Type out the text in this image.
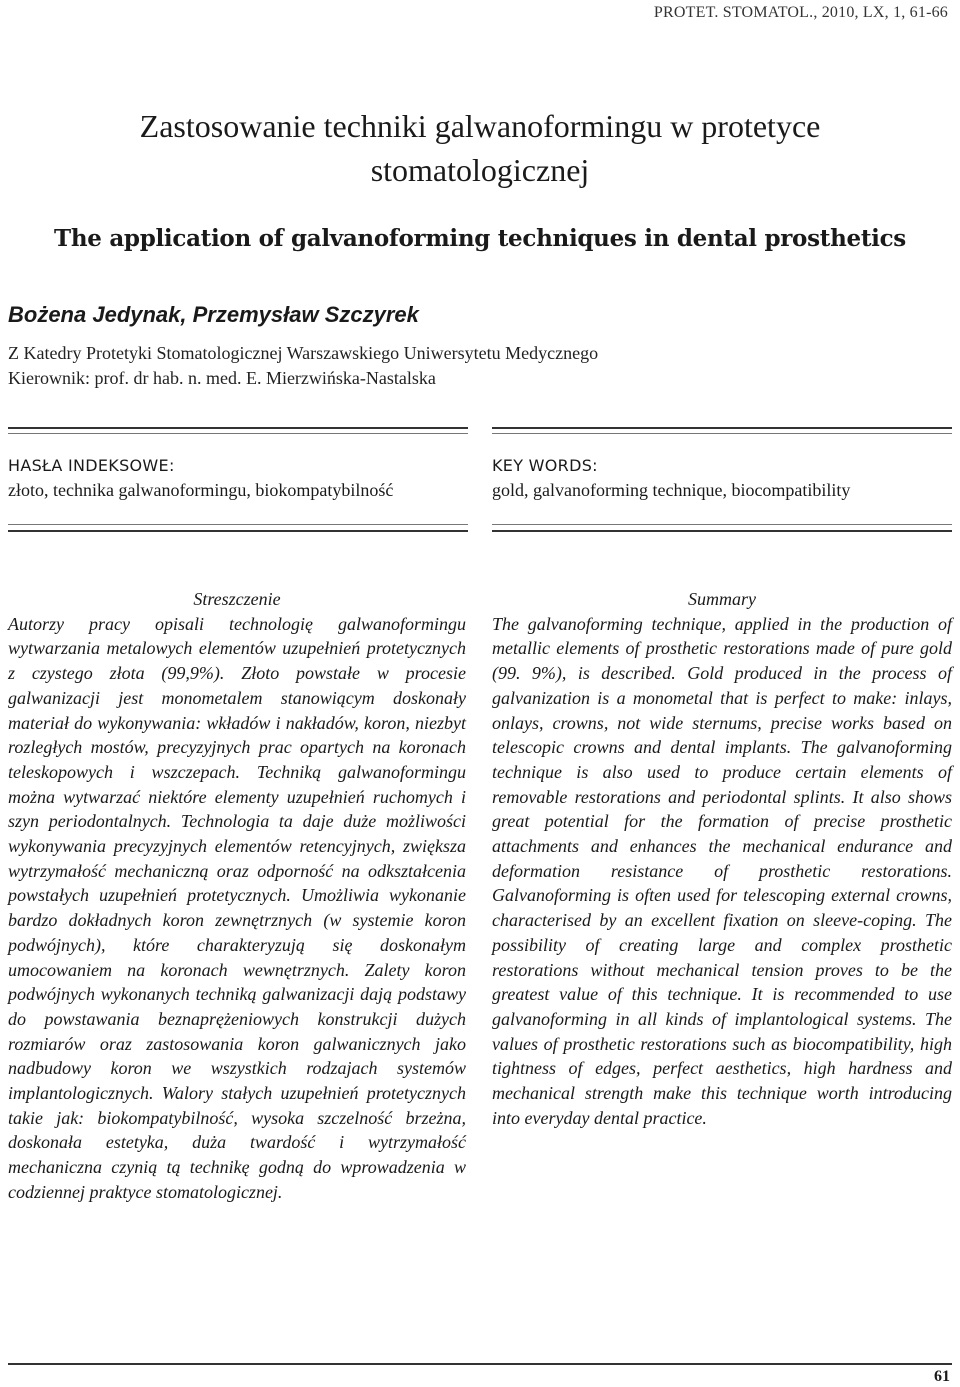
PROTET. STOMATOL., 2010, LX, 1, 61-66
Zastosowanie techniki galwanoformingu w protetyce stomatologicznej
The application of galvanoforming techniques in dental prosthetics
Bożena Jedynak, Przemysław Szczyrek
Z Katedry Protetyki Stomatologicznej Warszawskiego Uniwersytetu Medycznego
Kierownik: prof. dr hab. n. med. E. Mierzwińska-Nastalska
HASŁA INDEKSOWE:
złoto, technika galwanoformingu, biokompatybilność
KEY WORDS:
gold, galvanoforming technique, biocompatibility
Streszczenie

Autorzy pracy opisali technologię galwanoformingu wytwarzania metalowych elementów uzupełnień protetycznych z czystego złota (99,9%). Złoto powstałe w procesie galwanizacji jest monometalem stanowiącym doskonały materiał do wykonywania: wkładów i nakładów, koron, niezbyt rozległych mostów, precyzyjnych prac opartych na koronach teleskopowych i wszczepach. Techniką galwanoformingu można wytwarzać niektóre elementy uzupełnień ruchomych i szyn periodontalnych. Technologia ta daje duże możliwości wykonywania precyzyjnych elementów retencyjnych, zwiększa wytrzymałość mechaniczną oraz odporność na odkształcenia powstałych uzupełnień protetycznych. Umożliwia wykonanie bardzo dokładnych koron zewnętrznych (w systemie koron podwójnych), które charakteryzują się doskonałym umocowaniem na koronach wewnętrznych. Zalety koron podwójnych wykonanych techniką galwanizacji dają podstawy do powstawania beznaprężeniowych konstrukcji dużych rozmiarów oraz zastosowania koron galwanicznych jako nadbudowy koron we wszystkich rodzajach systemów implantologicznych. Walory stałych uzupełnień protetycznych takie jak: biokompatybilność, wysoka szczelność brzeżna, doskonała estetyka, duża twardość i wytrzymałość mechaniczna czynią tą technikę godną do wprowadzenia w codziennej praktyce stomatologicznej.

Summary

The galvanoforming technique, applied in the production of metallic elements of prosthetic restorations made of pure gold (99. 9%), is described. Gold produced in the process of galvanization is a monometal that is perfect to make: inlays, onlays, crowns, not wide sternums, precise works based on telescopic crowns and dental implants. The galvanoforming technique is also used to produce certain elements of removable restorations and periodontal splints. It also shows great potential for the formation of precise prosthetic attachments and enhances the mechanical endurance and deformation resistance of prosthetic restorations. Galvanoforming is often used for telescoping external crowns, characterised by an excellent fixation on sleeve-coping. The possibility of creating large and complex prosthetic restorations without mechanical tension proves to be the greatest value of this technique. It is recommended to use galvanoforming in all kinds of implantological systems. The values of prosthetic restorations such as biocompatibility, high tightness of edges, perfect aesthetics, high hardness and mechanical strength make this technique worth introducing into everyday dental practice.

61
